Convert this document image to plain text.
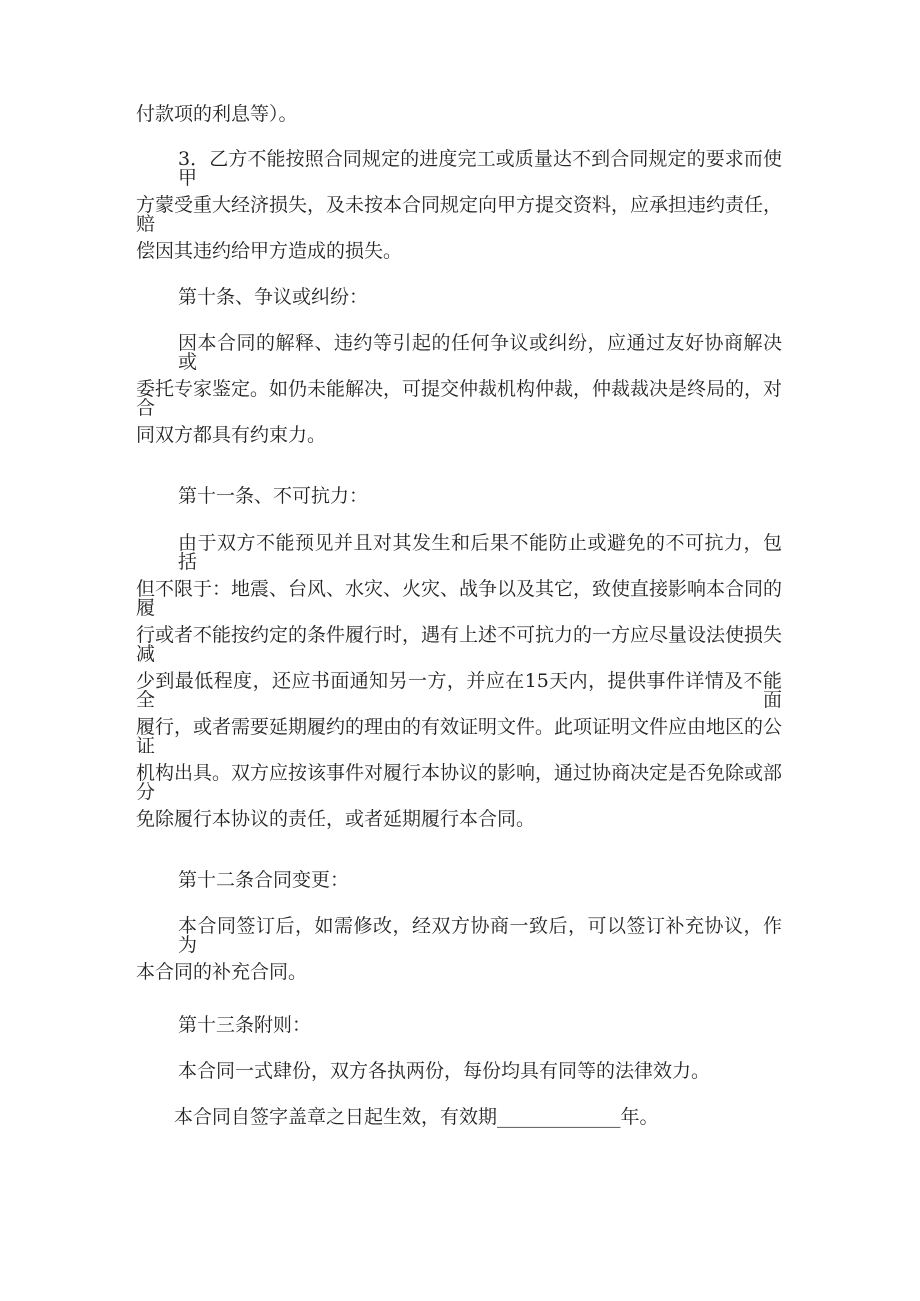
付款项的利息等）。
3．乙方不能按照合同规定的进度完工或质量达不到合同规定的要求而使甲
方蒙受重大经济损失，及未按本合同规定向甲方提交资料，应承担违约责任，赔
偿因其违约给甲方造成的损失。
第十条、争议或纠纷：
因本合同的解释、违约等引起的任何争议或纠纷，应通过友好协商解决或
委托专家鉴定。如仍未能解决，可提交仲裁机构仲裁，仲裁裁决是终局的，对合
同双方都具有约束力。
第十一条、不可抗力：
由于双方不能预见并且对其发生和后果不能防止或避免的不可抗力，包括
但不限于：地震、台风、水灾、火灾、战争以及其它，致使直接影响本合同的履
行或者不能按约定的条件履行时，遇有上述不可抗力的一方应尽量设法使损失减
少到最低程度，还应书面通知另一方，并应在15天内，提供事件详情及不能全面
履行，或者需要延期履约的理由的有效证明文件。此项证明文件应由地区的公证
机构出具。双方应按该事件对履行本协议的影响，通过协商决定是否免除或部分
免除履行本协议的责任，或者延期履行本合同。
第十二条合同变更：
本合同签订后，如需修改，经双方协商一致后，可以签订补充协议，作为
本合同的补充合同。
第十三条附则：
本合同一式肆份，双方各执两份，每份均具有同等的法律效力。
本合同自签字盖章之日起生效，有效期_____________年。
